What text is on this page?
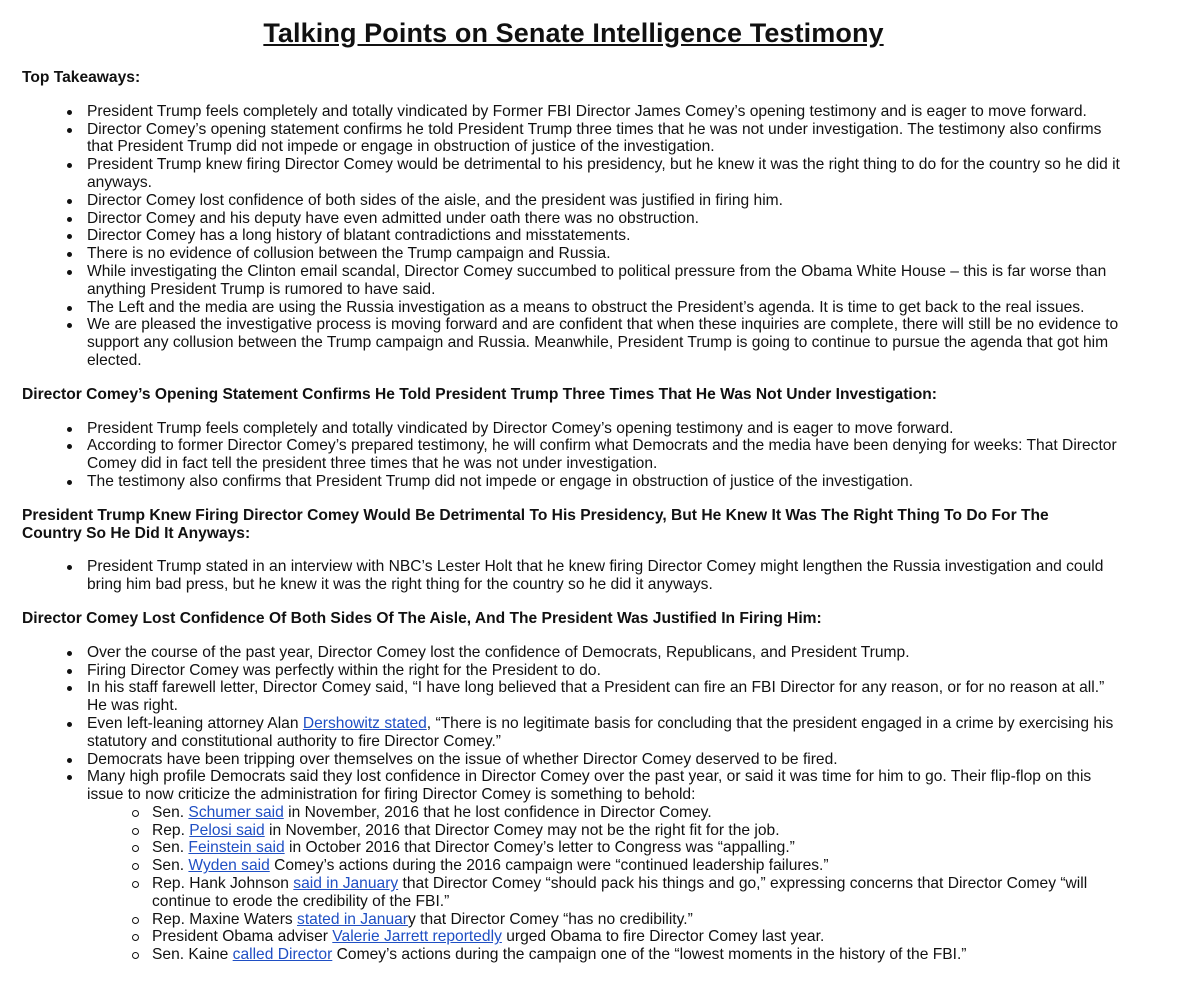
Talking Points on Senate Intelligence Testimony

Top Takeaways:

President Trump feels completely and totally vindicated by Former FBI Director James Comey’s opening testimony and is eager to move forward.
Director Comey’s opening statement confirms he told President Trump three times that he was not under investigation. The testimony also confirms that President Trump did not impede or engage in obstruction of justice of the investigation.
President Trump knew firing Director Comey would be detrimental to his presidency, but he knew it was the right thing to do for the country so he did it anyways.
Director Comey lost confidence of both sides of the aisle, and the president was justified in firing him.
Director Comey and his deputy have even admitted under oath there was no obstruction.
Director Comey has a long history of blatant contradictions and misstatements.
There is no evidence of collusion between the Trump campaign and Russia.
While investigating the Clinton email scandal, Director Comey succumbed to political pressure from the Obama White House – this is far worse than anything President Trump is rumored to have said.
The Left and the media are using the Russia investigation as a means to obstruct the President’s agenda. It is time to get back to the real issues.
We are pleased the investigative process is moving forward and are confident that when these inquiries are complete, there will still be no evidence to support any collusion between the Trump campaign and Russia. Meanwhile, President Trump is going to continue to pursue the agenda that got him elected.

Director Comey’s Opening Statement Confirms He Told President Trump Three Times That He Was Not Under Investigation:

President Trump feels completely and totally vindicated by Director Comey’s opening testimony and is eager to move forward.
According to former Director Comey’s prepared testimony, he will confirm what Democrats and the media have been denying for weeks: That Director Comey did in fact tell the president three times that he was not under investigation.
The testimony also confirms that President Trump did not impede or engage in obstruction of justice of the investigation.

President Trump Knew Firing Director Comey Would Be Detrimental To His Presidency, But He Knew It Was The Right Thing To Do For The Country So He Did It Anyways:

President Trump stated in an interview with NBC’s Lester Holt that he knew firing Director Comey might lengthen the Russia investigation and could bring him bad press, but he knew it was the right thing for the country so he did it anyways.

Director Comey Lost Confidence Of Both Sides Of The Aisle, And The President Was Justified In Firing Him:

Over the course of the past year, Director Comey lost the confidence of Democrats, Republicans, and President Trump.
Firing Director Comey was perfectly within the right for the President to do.
In his staff farewell letter, Director Comey said, “I have long believed that a President can fire an FBI Director for any reason, or for no reason at all.” He was right.
Even left-leaning attorney Alan Dershowitz stated, “There is no legitimate basis for concluding that the president engaged in a crime by exercising his statutory and constitutional authority to fire Director Comey.”
Democrats have been tripping over themselves on the issue of whether Director Comey deserved to be fired.
Many high profile Democrats said they lost confidence in Director Comey over the past year, or said it was time for him to go. Their flip-flop on this issue to now criticize the administration for firing Director Comey is something to behold:
Sen. Schumer said in November, 2016 that he lost confidence in Director Comey.
Rep. Pelosi said in November, 2016 that Director Comey may not be the right fit for the job.
Sen. Feinstein said in October 2016 that Director Comey’s letter to Congress was “appalling.”
Sen. Wyden said Comey’s actions during the 2016 campaign were “continued leadership failures.”
Rep. Hank Johnson said in January that Director Comey “should pack his things and go,” expressing concerns that Director Comey “will continue to erode the credibility of the FBI.”
Rep. Maxine Waters stated in January that Director Comey “has no credibility.”
President Obama adviser Valerie Jarrett reportedly urged Obama to fire Director Comey last year.
Sen. Kaine called Director Comey’s actions during the campaign one of the “lowest moments in the history of the FBI.”
